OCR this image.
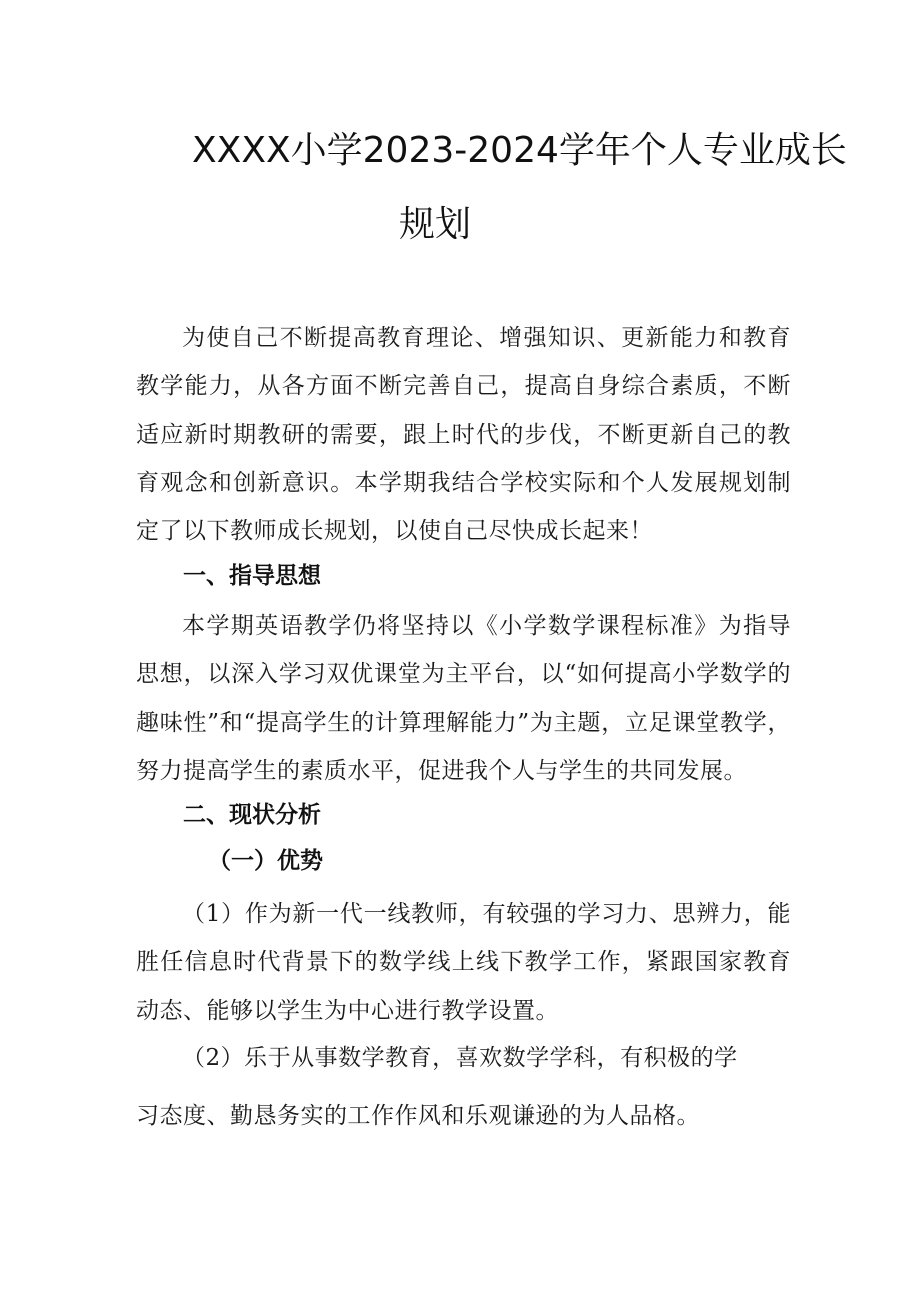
XXXX小学2023-2024学年个人专业成长
规划

为使自己不断提高教育理论、增强知识、更新能力和教育教学能力，从各方面不断完善自己，提高自身综合素质，不断适应新时期教研的需要，跟上时代的步伐，不断更新自己的教育观念和创新意识。本学期我结合学校实际和个人发展规划制定了以下教师成长规划，以使自己尽快成长起来！

一、指导思想

本学期英语教学仍将坚持以《小学数学课程标准》为指导思想，以深入学习双优课堂为主平台，以“如何提高小学数学的趣味性”和“提高学生的计算理解能力”为主题，立足课堂教学，努力提高学生的素质水平，促进我个人与学生的共同发展。

二、现状分析
（一）优势

（1）作为新一代一线教师，有较强的学习力、思辨力，能胜任信息时代背景下的数学线上线下教学工作，紧跟国家教育动态、能够以学生为中心进行教学设置。

（2）乐于从事数学教育，喜欢数学学科，有积极的学

习态度、勤恳务实的工作作风和乐观谦逊的为人品格。
